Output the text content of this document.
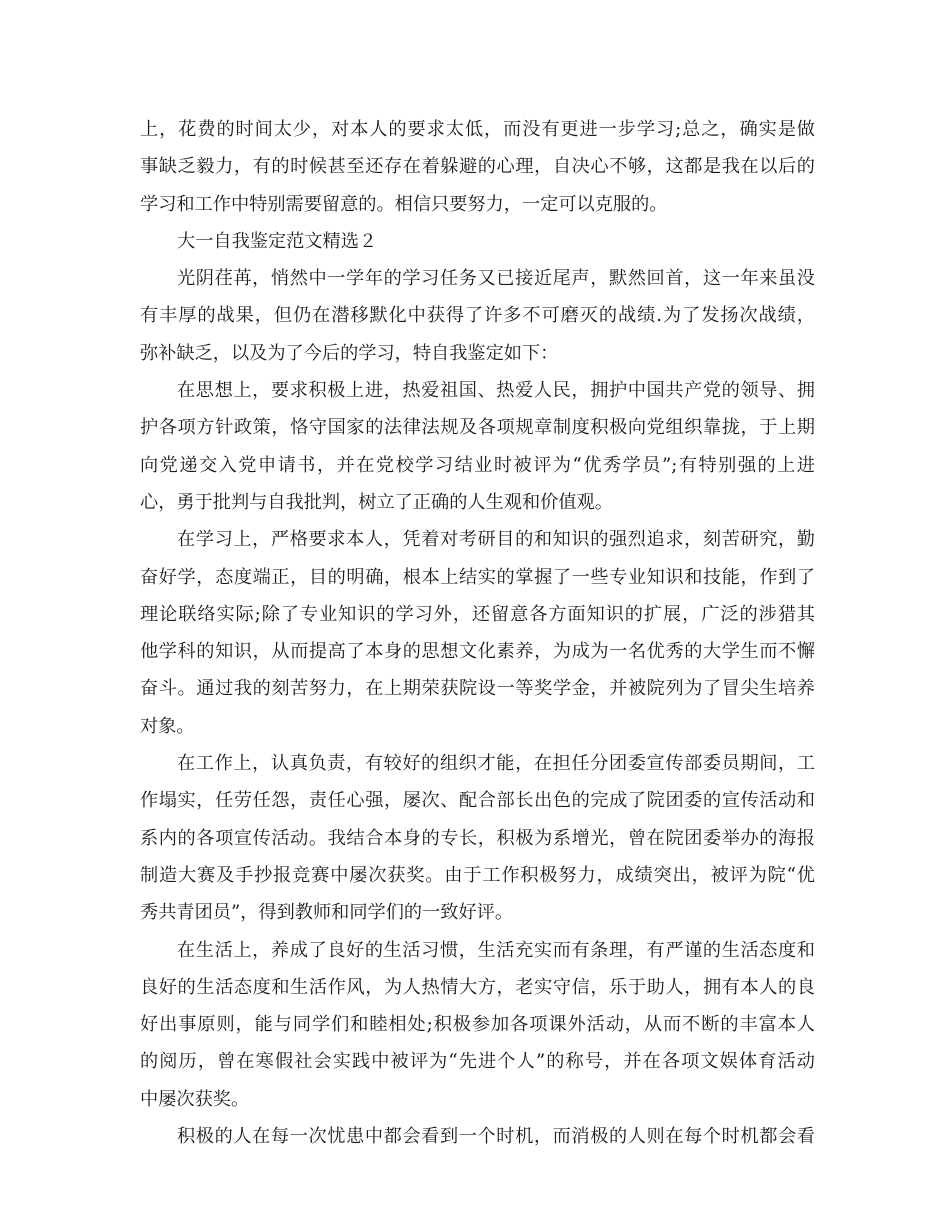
上，花费的时间太少，对本人的要求太低，而没有更进一步学习;总之，确实是做
事缺乏毅力，有的时候甚至还存在着躲避的心理，自决心不够，这都是我在以后的
学习和工作中特别需要留意的。相信只要努力，一定可以克服的。
大一自我鉴定范文精选２
光阴荏苒，悄然中一学年的学习任务又已接近尾声，默然回首，这一年来虽没
有丰厚的战果，但仍在潜移默化中获得了许多不可磨灭的战绩.为了发扬次战绩，
弥补缺乏，以及为了今后的学习，特自我鉴定如下：
在思想上，要求积极上进，热爱祖国、热爱人民，拥护中国共产党的领导、拥
护各项方针政策，恪守国家的法律法规及各项规章制度积极向党组织靠拢，于上期
向党递交入党申请书，并在党校学习结业时被评为“优秀学员”;有特别强的上进
心，勇于批判与自我批判，树立了正确的人生观和价值观。
在学习上，严格要求本人，凭着对考研目的和知识的强烈追求，刻苦研究，勤
奋好学，态度端正，目的明确，根本上结实的掌握了一些专业知识和技能，作到了
理论联络实际;除了专业知识的学习外，还留意各方面知识的扩展，广泛的涉猎其
他学科的知识，从而提高了本身的思想文化素养，为成为一名优秀的大学生而不懈
奋斗。通过我的刻苦努力，在上期荣获院设一等奖学金，并被院列为了冒尖生培养
对象。
在工作上，认真负责，有较好的组织才能，在担任分团委宣传部委员期间，工
作塌实，任劳任怨，责任心强，屡次、配合部长出色的完成了院团委的宣传活动和
系内的各项宣传活动。我结合本身的专长，积极为系增光，曾在院团委举办的海报
制造大赛及手抄报竞赛中屡次获奖。由于工作积极努力，成绩突出，被评为院“优
秀共青团员”，得到教师和同学们的一致好评。
在生活上，养成了良好的生活习惯，生活充实而有条理，有严谨的生活态度和
良好的生活态度和生活作风，为人热情大方，老实守信，乐于助人，拥有本人的良
好出事原则，能与同学们和睦相处;积极参加各项课外活动，从而不断的丰富本人
的阅历，曾在寒假社会实践中被评为“先进个人”的称号，并在各项文娱体育活动
中屡次获奖。
积极的人在每一次忧患中都会看到一个时机，而消极的人则在每个时机都会看
